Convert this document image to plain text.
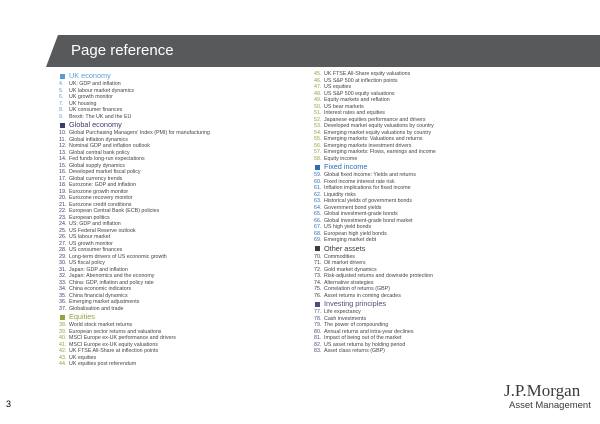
Page reference
UK economy
4.	UK: GDP and inflation
5.	UK labour market dynamics
6.	UK growth monitor
7.	UK housing
8.	UK consumer finances
9.	Brexit: The UK and the EU
Global economy
10. Global Purchasing Managers' Index (PMI) for manufacturing
11. Global inflation dynamics
12. Nominal GDP and inflation outlook
13. Global central bank policy
14. Fed funds long-run expectations
15. Global supply dynamics
16. Developed market fiscal policy
17. Global currency trends
18. Eurozone: GDP and inflation
19. Eurozone growth monitor
20. Eurozone recovery monitor
21. Eurozone credit conditions
22. European Central Bank (ECB) policies
23. European politics
24. US: GDP and inflation
25. US Federal Reserve outlook
26. US labour market
27. US growth monitor
28. US consumer finances
29. Long-term drivers of US economic growth
30. US fiscal policy
31. Japan: GDP and inflation
32. Japan: Abenomics and the economy
33. China: GDP, inflation and policy rate
34. China economic indicators
35. China financial dynamics
36. Emerging market adjustments
37. Globalisation and trade
Equities
38. World stock market returns
39. European sector returns and valuations
40. MSCI Europe ex-UK performance and drivers
41. MSCI Europe ex-UK equity valuations
42. UK FTSE All-Share at inflection points
43. UK equities
44. UK equities post referendum
45. UK FTSE All-Share equity valuations
46. US S&P 500 at inflection points
47. US equities
48. US S&P 500 equity valuations
49. Equity markets and reflation
50. US bear markets
51. Interest rates and equities
52. Japanese equities performance and drivers
53. Developed market equity valuations by country
54. Emerging market equity valuations by country
55. Emerging markets: Valuations and returns
56. Emerging markets investment drivers
57. Emerging markets: Flows, earnings and income
58. Equity income
Fixed income
59. Global fixed income: Yields and returns
60. Fixed income interest rate risk
61. Inflation implications for fixed income
62. Liquidity risks
63. Historical yields of government bonds
64. Government bond yields
65. Global investment-grade bonds
66. Global investment-grade bond market
67. US high yield bonds
68. European high yield bonds
69. Emerging market debt
Other assets
70. Commodities
71. Oil market drivers
72. Gold market dynamics
73. Risk-adjusted returns and downside protection
74. Alternative strategies
75. Correlation of returns (GBP)
76. Asset returns in coming decades
Investing principles
77. Life expectancy
78. Cash investments
79. The power of compounding
80. Annual returns and intra-year declines
81. Impact of being out of the market
82. US asset returns by holding period
83. Asset class returns (GBP)
3
J.P.Morgan
Asset Management
